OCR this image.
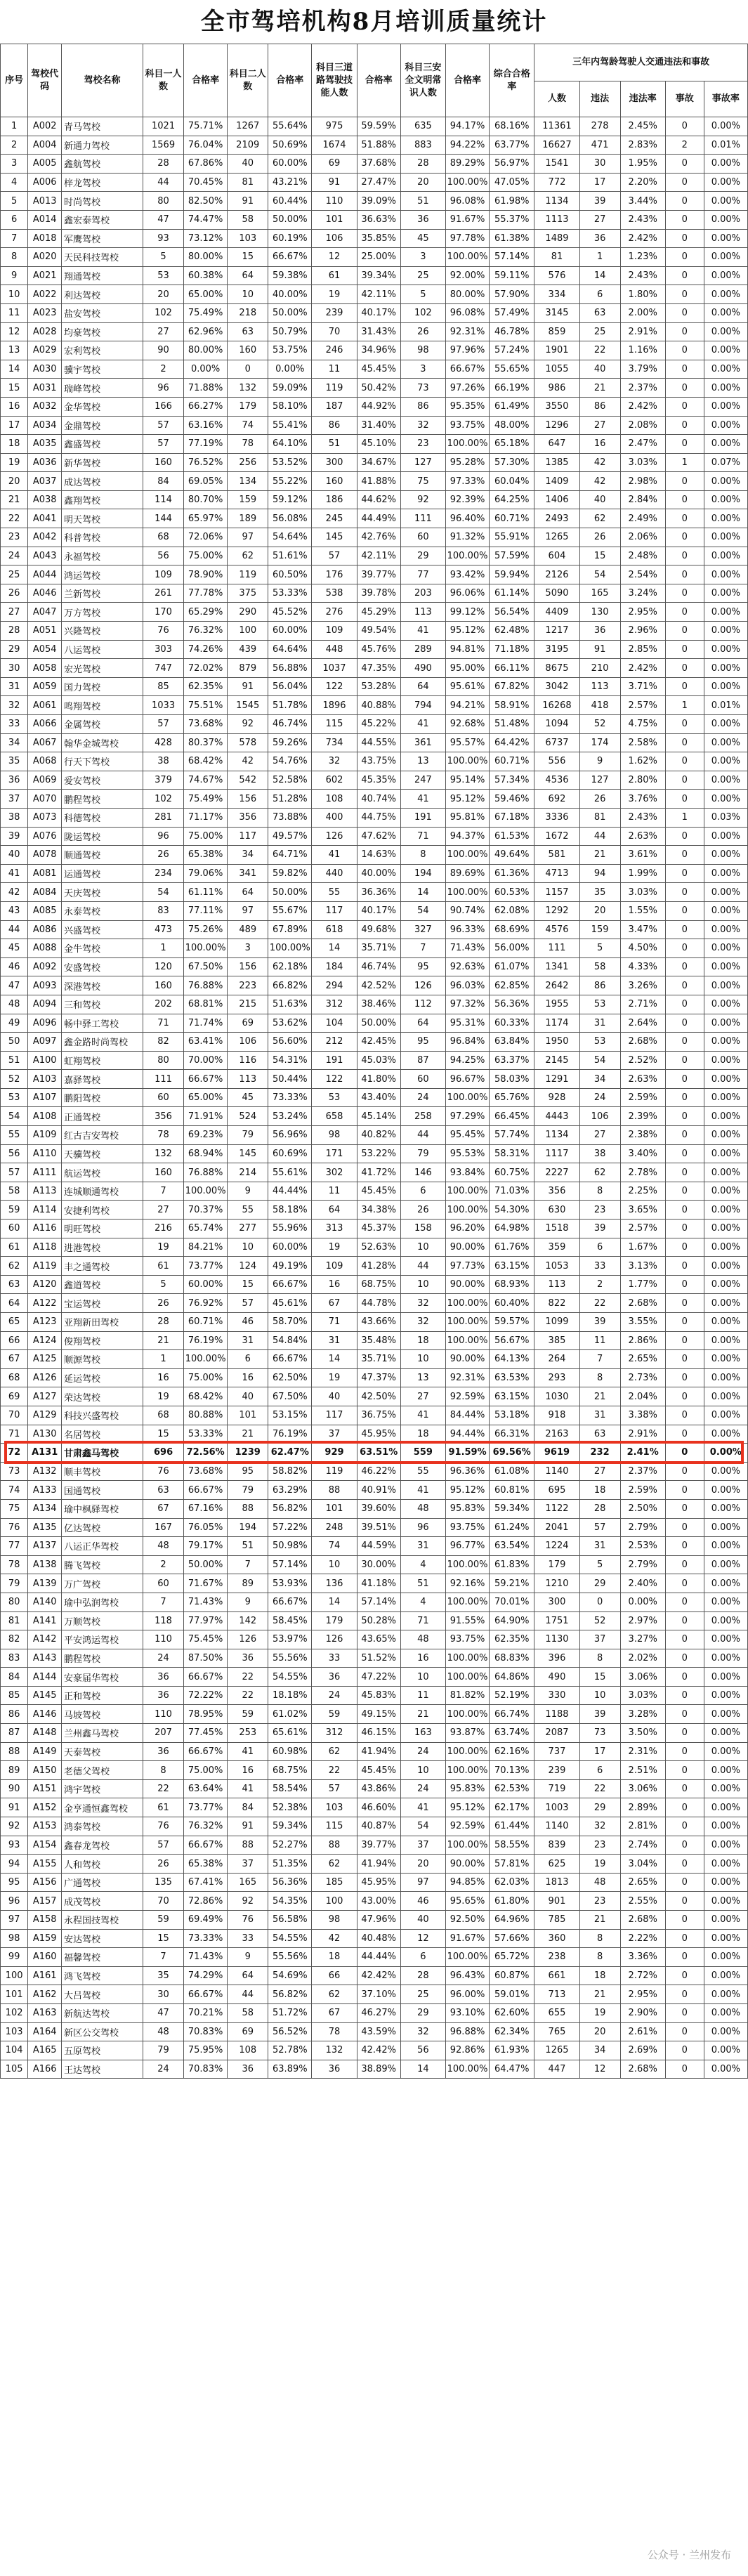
全市驾培机构8月培训质量统计
序号	驾校代码	驾校名称	科目一人数	合格率	科目二人数	合格率	科目三道路驾驶技能人数	合格率	科目三安全文明常识人数	合格率	综合合格率	三年内驾龄驾驶人交通违法和事故				
												人数	违法	违法率	事故	事故率
1	A002	青马驾校	1021	75.71%	1267	55.64%	975	59.59%	635	94.17%	68.16%	11361	278	2.45%	0	0.00%
2	A004	新通力驾校	1569	76.04%	2109	50.69%	1674	51.88%	883	94.22%	63.77%	16627	471	2.83%	2	0.01%
3	A005	鑫航驾校	28	67.86%	40	60.00%	69	37.68%	28	89.29%	56.97%	1541	30	1.95%	0	0.00%
4	A006	梓龙驾校	44	70.45%	81	43.21%	91	27.47%	20	100.00%	47.05%	772	17	2.20%	0	0.00%
5	A013	时尚驾校	80	82.50%	91	60.44%	110	39.09%	51	96.08%	61.98%	1134	39	3.44%	0	0.00%
6	A014	鑫宏泰驾校	47	74.47%	58	50.00%	101	36.63%	36	91.67%	55.37%	1113	27	2.43%	0	0.00%
7	A018	军鹰驾校	93	73.12%	103	60.19%	106	35.85%	45	97.78%	61.38%	1489	36	2.42%	0	0.00%
8	A020	天民科技驾校	5	80.00%	15	66.67%	12	25.00%	3	100.00%	57.14%	81	1	1.23%	0	0.00%
9	A021	翔通驾校	53	60.38%	64	59.38%	61	39.34%	25	92.00%	59.11%	576	14	2.43%	0	0.00%
10	A022	利达驾校	20	65.00%	10	40.00%	19	42.11%	5	80.00%	57.90%	334	6	1.80%	0	0.00%
11	A023	盐安驾校	102	75.49%	218	50.00%	239	40.17%	102	96.08%	57.49%	3145	63	2.00%	0	0.00%
12	A028	均豪驾校	27	62.96%	63	50.79%	70	31.43%	26	92.31%	46.78%	859	25	2.91%	0	0.00%
13	A029	宏利驾校	90	80.00%	160	53.75%	246	34.96%	98	97.96%	57.24%	1901	22	1.16%	0	0.00%
14	A030	骥宇驾校	2	0.00%	0	0.00%	11	45.45%	3	66.67%	55.65%	1055	40	3.79%	0	0.00%
15	A031	瑞峰驾校	96	71.88%	132	59.09%	119	50.42%	73	97.26%	66.19%	986	21	2.37%	0	0.00%
16	A032	金华驾校	166	66.27%	179	58.10%	187	44.92%	86	95.35%	61.49%	3550	86	2.42%	0	0.00%
17	A034	金鼎驾校	57	63.16%	74	55.41%	86	31.40%	32	93.75%	48.00%	1296	27	2.08%	0	0.00%
18	A035	鑫盛驾校	57	77.19%	78	64.10%	51	45.10%	23	100.00%	65.18%	647	16	2.47%	0	0.00%
19	A036	新华驾校	160	76.52%	256	53.52%	300	34.67%	127	95.28%	57.30%	1385	42	3.03%	1	0.07%
20	A037	成达驾校	84	69.05%	134	55.22%	160	41.88%	75	97.33%	60.04%	1409	42	2.98%	0	0.00%
21	A038	鑫翔驾校	114	80.70%	159	59.12%	186	44.62%	92	92.39%	64.25%	1406	40	2.84%	0	0.00%
22	A041	明天驾校	144	65.97%	189	56.08%	245	44.49%	111	96.40%	60.71%	2493	62	2.49%	0	0.00%
23	A042	科普驾校	68	72.06%	97	54.64%	145	42.76%	60	91.32%	55.91%	1265	26	2.06%	0	0.00%
24	A043	永福驾校	56	75.00%	62	51.61%	57	42.11%	29	100.00%	57.59%	604	15	2.48%	0	0.00%
25	A044	鸿运驾校	109	78.90%	119	60.50%	176	39.77%	77	93.42%	59.94%	2126	54	2.54%	0	0.00%
26	A046	兰新驾校	261	77.78%	375	53.33%	538	39.78%	203	96.06%	61.14%	5090	165	3.24%	0	0.00%
27	A047	万方驾校	170	65.29%	290	45.52%	276	45.29%	113	99.12%	56.54%	4409	130	2.95%	0	0.00%
28	A051	兴隆驾校	76	76.32%	100	60.00%	109	49.54%	41	95.12%	62.48%	1217	36	2.96%	0	0.00%
29	A054	八运驾校	303	74.26%	439	64.64%	448	45.76%	289	94.81%	71.18%	3195	91	2.85%	0	0.00%
30	A058	宏光驾校	747	72.02%	879	56.88%	1037	47.35%	490	95.00%	66.11%	8675	210	2.42%	0	0.00%
31	A059	国力驾校	85	62.35%	91	56.04%	122	53.28%	64	95.61%	67.82%	3042	113	3.71%	0	0.00%
32	A061	鸣翔驾校	1033	75.51%	1545	51.78%	1896	40.88%	794	94.21%	58.91%	16268	418	2.57%	1	0.01%
33	A066	金属驾校	57	73.68%	92	46.74%	115	45.22%	41	92.68%	51.48%	1094	52	4.75%	0	0.00%
34	A067	翰华金城驾校	428	80.37%	578	59.26%	734	44.55%	361	95.57%	64.42%	6737	174	2.58%	0	0.00%
35	A068	行天下驾校	38	68.42%	42	54.76%	32	43.75%	13	100.00%	60.71%	556	9	1.62%	0	0.00%
36	A069	爱安驾校	379	74.67%	542	52.58%	602	45.35%	247	95.14%	57.34%	4536	127	2.80%	0	0.00%
37	A070	鹏程驾校	102	75.49%	156	51.28%	108	40.74%	41	95.12%	59.46%	692	26	3.76%	0	0.00%
38	A073	科德驾校	281	71.17%	356	73.88%	400	44.75%	191	95.81%	67.18%	3336	81	2.43%	1	0.03%
39	A076	陇运驾校	96	75.00%	117	49.57%	126	47.62%	71	94.37%	61.53%	1672	44	2.63%	0	0.00%
40	A078	顺通驾校	26	65.38%	34	64.71%	41	14.63%	8	100.00%	49.64%	581	21	3.61%	0	0.00%
41	A081	运通驾校	234	79.06%	341	59.82%	440	40.00%	194	89.69%	61.36%	4713	94	1.99%	0	0.00%
42	A084	天庆驾校	54	61.11%	64	50.00%	55	36.36%	14	100.00%	60.53%	1157	35	3.03%	0	0.00%
43	A085	永泰驾校	83	77.11%	97	55.67%	117	40.17%	54	90.74%	62.08%	1292	20	1.55%	0	0.00%
44	A086	兴盛驾校	473	75.26%	489	67.89%	618	49.68%	327	96.33%	68.69%	4576	159	3.47%	0	0.00%
45	A088	金牛驾校	1	100.00%	3	100.00%	14	35.71%	7	71.43%	56.00%	111	5	4.50%	0	0.00%
46	A092	安盛驾校	120	67.50%	156	62.18%	184	46.74%	95	92.63%	61.07%	1341	58	4.33%	0	0.00%
47	A093	深港驾校	160	76.88%	223	66.82%	294	42.52%	126	96.03%	62.85%	2642	86	3.26%	0	0.00%
48	A094	三和驾校	202	68.81%	215	51.63%	312	38.46%	112	97.32%	56.36%	1955	53	2.71%	0	0.00%
49	A096	畅中驿工驾校	71	71.74%	69	53.62%	104	50.00%	64	95.31%	60.33%	1174	31	2.64%	0	0.00%
50	A097	鑫金路时尚驾校	82	63.41%	106	56.60%	212	42.45%	95	96.84%	63.84%	1950	53	2.68%	0	0.00%
51	A100	虹翔驾校	80	70.00%	116	54.31%	191	45.03%	87	94.25%	63.37%	2145	54	2.52%	0	0.00%
52	A103	嘉驿驾校	111	66.67%	113	50.44%	122	41.80%	60	96.67%	58.03%	1291	34	2.63%	0	0.00%
53	A107	鹏阳驾校	60	65.00%	45	73.33%	53	43.40%	24	100.00%	65.76%	928	24	2.59%	0	0.00%
54	A108	正通驾校	356	71.91%	524	53.24%	658	45.14%	258	97.29%	66.45%	4443	106	2.39%	0	0.00%
55	A109	红古吉安驾校	78	69.23%	79	56.96%	98	40.82%	44	95.45%	57.74%	1134	27	2.38%	0	0.00%
56	A110	天骥驾校	132	68.94%	145	60.69%	171	53.22%	79	95.53%	58.31%	1117	38	3.40%	0	0.00%
57	A111	航运驾校	160	76.88%	214	55.61%	302	41.72%	146	93.84%	60.75%	2227	62	2.78%	0	0.00%
58	A113	连城顺通驾校	7	100.00%	9	44.44%	11	45.45%	6	100.00%	71.03%	356	8	2.25%	0	0.00%
59	A114	安捷利驾校	27	70.37%	55	58.18%	64	34.38%	26	100.00%	54.30%	630	23	3.65%	0	0.00%
60	A116	明旺驾校	216	65.74%	277	55.96%	313	45.37%	158	96.20%	64.98%	1518	39	2.57%	0	0.00%
61	A118	进港驾校	19	84.21%	10	60.00%	19	52.63%	10	90.00%	61.76%	359	6	1.67%	0	0.00%
62	A119	丰之通驾校	61	73.77%	124	49.19%	109	41.28%	44	97.73%	63.15%	1053	33	3.13%	0	0.00%
63	A120	鑫道驾校	5	60.00%	15	66.67%	16	68.75%	10	90.00%	68.93%	113	2	1.77%	0	0.00%
64	A122	宝运驾校	26	76.92%	57	45.61%	67	44.78%	32	100.00%	60.40%	822	22	2.68%	0	0.00%
65	A123	亚翔新田驾校	28	60.71%	46	58.70%	71	43.66%	32	100.00%	59.57%	1099	39	3.55%	0	0.00%
66	A124	俊翔驾校	21	76.19%	31	54.84%	31	35.48%	18	100.00%	56.67%	385	11	2.86%	0	0.00%
67	A125	顺源驾校	1	100.00%	6	66.67%	14	35.71%	10	90.00%	64.13%	264	7	2.65%	0	0.00%
68	A126	延运驾校	16	75.00%	16	62.50%	19	47.37%	13	92.31%	63.53%	293	8	2.73%	0	0.00%
69	A127	荣达驾校	19	68.42%	40	67.50%	40	42.50%	27	92.59%	63.15%	1030	21	2.04%	0	0.00%
70	A129	科技兴盛驾校	68	80.88%	101	53.15%	117	36.75%	41	84.44%	53.18%	918	31	3.38%	0	0.00%
71	A130	名居驾校	15	53.33%	21	76.19%	37	45.95%	18	94.44%	66.31%	2163	63	2.91%	0	0.00%
72	A131	甘肃鑫马驾校	696	72.56%	1239	62.47%	929	63.51%	559	91.59%	69.56%	9619	232	2.41%	0	0.00%
73	A132	顺丰驾校	76	73.68%	95	58.82%	119	46.22%	55	96.36%	61.08%	1140	27	2.37%	0	0.00%
74	A133	国通驾校	63	66.67%	79	63.29%	88	40.91%	41	95.12%	60.81%	695	18	2.59%	0	0.00%
75	A134	瑜中枫驿驾校	67	67.16%	88	56.82%	101	39.60%	48	95.83%	59.34%	1122	28	2.50%	0	0.00%
76	A135	亿达驾校	167	76.05%	194	57.22%	248	39.51%	96	93.75%	61.24%	2041	57	2.79%	0	0.00%
77	A137	八运正华驾校	48	79.17%	51	50.98%	74	44.59%	31	96.77%	63.54%	1224	31	2.53%	0	0.00%
78	A138	腾飞驾校	2	50.00%	7	57.14%	10	30.00%	4	100.00%	61.83%	179	5	2.79%	0	0.00%
79	A139	万广驾校	60	71.67%	89	53.93%	136	41.18%	51	92.16%	59.21%	1210	29	2.40%	0	0.00%
80	A140	瑜中弘润驾校	7	71.43%	9	66.67%	14	57.14%	4	100.00%	70.01%	300	0	0.00%	0	0.00%
81	A141	万顺驾校	118	77.97%	142	58.45%	179	50.28%	71	91.55%	64.90%	1751	52	2.97%	0	0.00%
82	A142	平安鸿运驾校	110	75.45%	126	53.97%	126	43.65%	48	93.75%	62.35%	1130	37	3.27%	0	0.00%
83	A143	鹏程驾校	24	87.50%	36	55.56%	33	51.52%	16	100.00%	68.83%	396	8	2.02%	0	0.00%
84	A144	安豪届华驾校	36	66.67%	22	54.55%	36	47.22%	10	100.00%	64.86%	490	15	3.06%	0	0.00%
85	A145	正和驾校	36	72.22%	22	18.18%	24	45.83%	11	81.82%	52.19%	330	10	3.03%	0	0.00%
86	A146	马坡驾校	110	78.95%	59	61.02%	59	49.15%	21	100.00%	66.74%	1188	39	3.28%	0	0.00%
87	A148	兰州鑫马驾校	207	77.45%	253	65.61%	312	46.15%	163	93.87%	63.74%	2087	73	3.50%	0	0.00%
88	A149	天泰驾校	36	66.67%	41	60.98%	62	41.94%	24	100.00%	62.16%	737	17	2.31%	0	0.00%
89	A150	老德父驾校	8	75.00%	16	68.75%	22	45.45%	10	100.00%	70.13%	239	6	2.51%	0	0.00%
90	A151	鸿宇驾校	22	63.64%	41	58.54%	57	43.86%	24	95.83%	62.53%	719	22	3.06%	0	0.00%
91	A152	金亨通恒鑫驾校	61	73.77%	84	52.38%	103	46.60%	41	95.12%	62.17%	1003	29	2.89%	0	0.00%
92	A153	鸿泰驾校	76	76.32%	91	59.34%	115	40.87%	54	92.59%	61.44%	1140	32	2.81%	0	0.00%
93	A154	鑫春龙驾校	57	66.67%	88	52.27%	88	39.77%	37	100.00%	58.55%	839	23	2.74%	0	0.00%
94	A155	人和驾校	26	65.38%	37	51.35%	62	41.94%	20	90.00%	57.81%	625	19	3.04%	0	0.00%
95	A156	广通驾校	135	67.41%	165	56.36%	185	45.95%	97	94.85%	62.03%	1813	48	2.65%	0	0.00%
96	A157	成茂驾校	70	72.86%	92	54.35%	100	43.00%	46	95.65%	61.80%	901	23	2.55%	0	0.00%
97	A158	永程国技驾校	59	69.49%	76	56.58%	98	47.96%	40	92.50%	64.96%	785	21	2.68%	0	0.00%
98	A159	安达驾校	15	73.33%	33	54.55%	42	40.48%	12	91.67%	57.66%	360	8	2.22%	0	0.00%
99	A160	福馨驾校	7	71.43%	9	55.56%	18	44.44%	6	100.00%	65.72%	238	8	3.36%	0	0.00%
100	A161	鸿飞驾校	35	74.29%	64	54.69%	66	42.42%	28	96.43%	60.87%	661	18	2.72%	0	0.00%
101	A162	大吕驾校	30	66.67%	44	56.82%	62	37.10%	25	96.00%	59.01%	713	21	2.95%	0	0.00%
102	A163	新航达驾校	47	70.21%	58	51.72%	67	46.27%	29	93.10%	62.60%	655	19	2.90%	0	0.00%
103	A164	新区公交驾校	48	70.83%	69	56.52%	78	43.59%	32	96.88%	62.34%	765	20	2.61%	0	0.00%
104	A165	五原驾校	79	75.95%	108	52.78%	132	42.42%	56	92.86%	61.93%	1265	34	2.69%	0	0.00%
105	A166	王达驾校	24	70.83%	36	63.89%	36	38.89%	14	100.00%	64.47%	447	12	2.68%	0	0.00%
公众号 · 兰州发布
